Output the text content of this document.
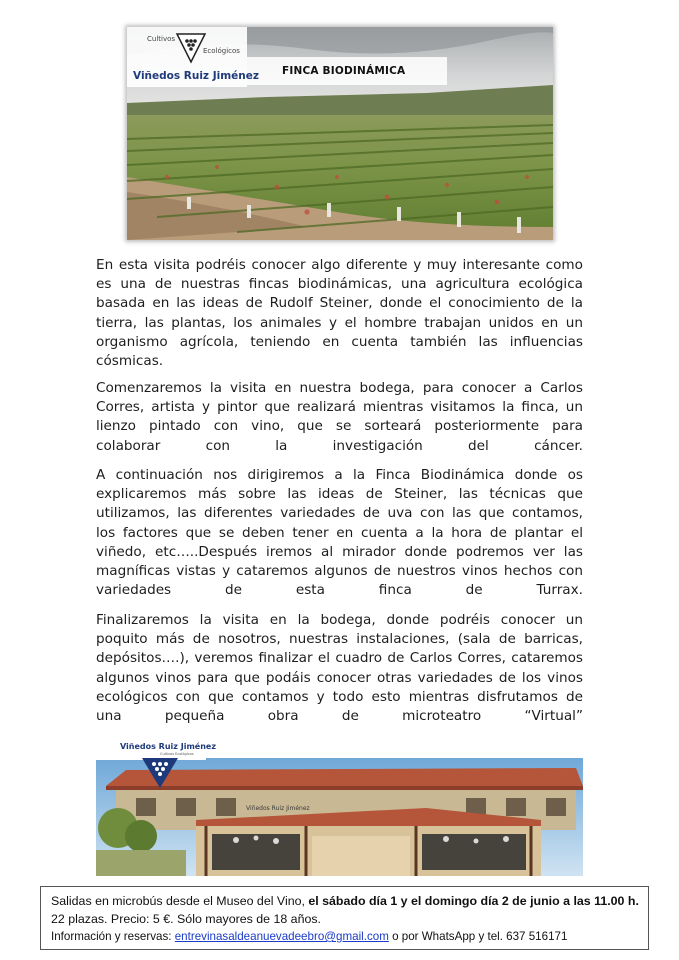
Cultivos
Ecológicos
Viñedos Ruiz Jiménez FINCA BIODINÁMICA
En esta visita podréis conocer algo diferente y muy interesante como
es una de nuestras fincas biodinámicas, una agricultura ecológica
basada en las ideas de Rudolf Steiner, donde el conocimiento de la
tierra, las plantas, los animales y el hombre trabajan unidos en un
organismo agrícola, teniendo en cuenta también las influencias
cósmicas.
Comenzaremos la visita en nuestra bodega, para conocer a Carlos
Corres, artista y pintor que realizará mientras visitamos la finca, un
lienzo pintado con vino, que se sorteará posteriormente para
colaborar con la investigación del cáncer.
A continuación nos dirigiremos a la Finca Biodinámica donde os
explicaremos más sobre las ideas de Steiner, las técnicas que
utilizamos, las diferentes variedades de uva con las que contamos,
los factores que se deben tener en cuenta a la hora de plantar el
viñedo, etc…..Después iremos al mirador donde podremos ver las
magníficas vistas y cataremos algunos de nuestros vinos hechos con
variedades de esta finca de Turrax.
Finalizaremos la visita en la bodega, donde podréis conocer un
poquito más de nosotros, nuestras instalaciones, (sala de barricas,
depósitos….), veremos finalizar el cuadro de Carlos Corres, cataremos
algunos vinos para que podáis conocer otras variedades de los vinos
ecológicos con que contamos y todo esto mientras disfrutamos de
una pequeña obra de microteatro “Virtual”
Viñedos Ruiz Jiménez
Viñedos Ruiz Jiménez
Cultivos Ecológicos
Salidas en microbús desde el Museo del Vino, el sábado día 1 y el domingo día 2 de junio a las 11.00 h.
22 plazas. Precio: 5 €. Sólo mayores de 18 años.
Información y reservas: entrevinasaldeanuevadeebro@gmail.com o por WhatsApp y tel. 637 516171
